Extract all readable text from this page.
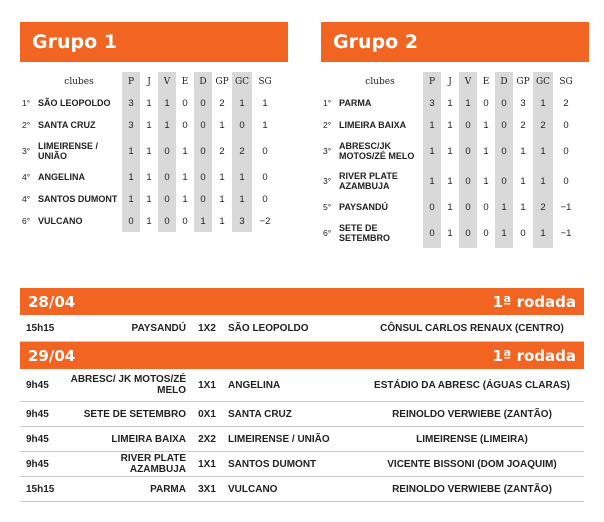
Grupo 1
	clubes	P	J	V	E	D	GP	GC	SG
1°	SÃO LEOPOLDO	3	1	1	0	0	2	1	1
2°	SANTA CRUZ	3	1	1	0	0	1	0	1
3°	LIMEIRENSE / UNIÃO	1	1	0	1	0	2	2	0
4°	ANGELINA	1	1	0	1	0	1	1	0
4°	SANTOS DUMONT	1	1	0	1	0	1	1	0
6°	VULCANO	0	1	0	0	1	1	3	−2
Grupo 2
	clubes	P	J	V	E	D	GP	GC	SG
1°	PARMA	3	1	1	0	0	3	1	2
2°	LIMEIRA BAIXA	1	1	0	1	0	2	2	0
3°	ABRESC/JK MOTOS/ZÉ MELO	1	1	0	1	0	1	1	0
3°	RIVER PLATE AZAMBUJA	1	1	0	1	0	1	1	0
5°	PAYSANDÚ	0	1	0	0	1	1	2	−1
6°	SETE DE SETEMBRO	0	1	0	0	1	0	1	−1
28/04	1ª rodada
15h15	PAYSANDÚ	1X2	SÃO LEOPOLDO	CÔNSUL CARLOS RENAUX (CENTRO)
29/04	1ª rodada
9h45	ABRESC/ JK MOTOS/ZÉ MELO	1X1	ANGELINA	ESTÁDIO DA ABRESC (ÁGUAS CLARAS)
9h45	SETE DE SETEMBRO	0X1	SANTA CRUZ	REINOLDO VERWIEBE (ZANTÃO)
9h45	LIMEIRA BAIXA	2X2	LIMEIRENSE / UNIÃO	LIMEIRENSE (LIMEIRA)
9h45	RIVER PLATE AZAMBUJA	1X1	SANTOS DUMONT	VICENTE BISSONI (DOM JOAQUIM)
15h15	PARMA	3X1	VULCANO	REINOLDO VERWIEBE (ZANTÃO)
